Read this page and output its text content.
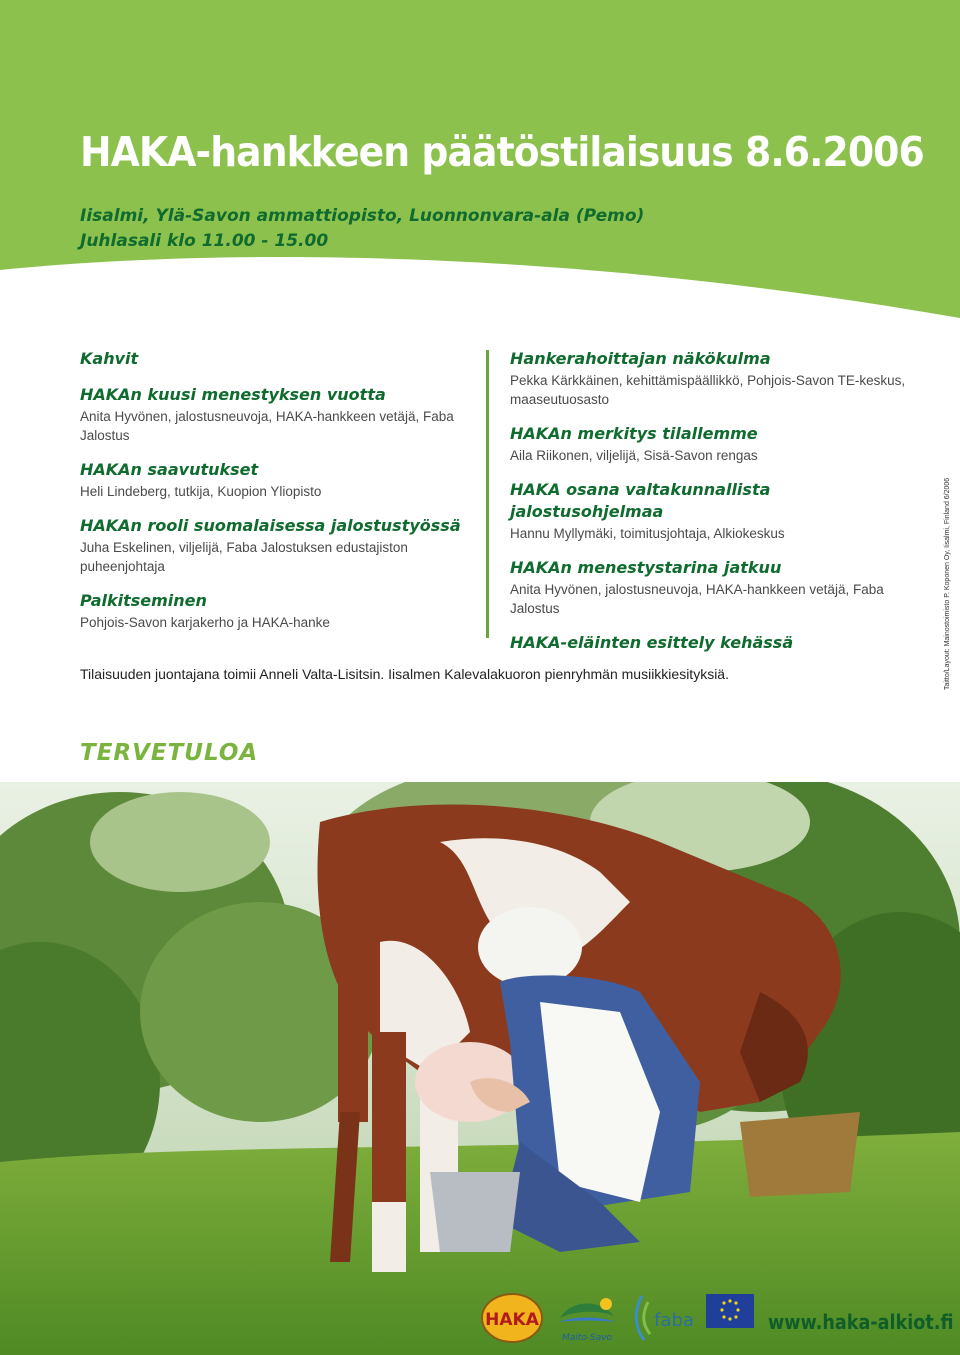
HAKA-hankkeen päätöstilaisuus 8.6.2006

Iisalmi, Ylä-Savon ammattiopisto, Luonnonvara-ala (Pemo)

Juhlasali klo 11.00 - 15.00

Kahvit
HAKAn kuusi menestyksen vuotta

Anita Hyvönen, jalostusneuvoja, HAKA-hankkeen vetäjä, Faba Jalostus

HAKAn saavutukset

Heli Lindeberg, tutkija, Kuopion Yliopisto

HAKAn rooli suomalaisessa jalostustyössä

Juha Eskelinen, viljelijä, Faba Jalostuksen edustajiston puheenjohtaja

Palkitseminen

Pohjois-Savon karjakerho ja HAKA-hanke

Hankerahoittajan näkökulma

Pekka Kärkkäinen, kehittämispäällikkö, Pohjois-Savon TE-keskus, maaseutuosasto

HAKAn merkitys tilallemme

Aila Riikonen, viljelijä, Sisä-Savon rengas

HAKA osana valtakunnallista jalostusohjelmaa

Hannu Myllymäki, toimitusjohtaja, Alkiokeskus

HAKAn menestystarina jatkuu

Anita Hyvönen, jalostusneuvoja, HAKA-hankkeen vetäjä, Faba Jalostus

HAKA-eläinten esittely kehässä
Tilaisuuden juontajana toimii Anneli Valta-Lisitsin. Iisalmen Kalevalakuoron pienryhmän musiikkiesityksiä.
TERVETULOA
Taitto/Layout: Mainostoimisto P. Koponen Oy, Iisalmi, Finland 6/2006
HAKA
Maito-Savo
faba	www.haka-alkiot.fi
